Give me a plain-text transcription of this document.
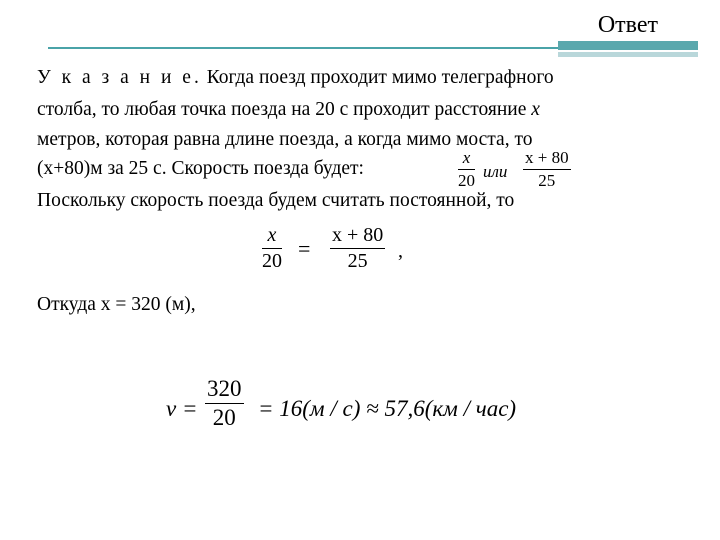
Ответ
У к а з а н и е. Когда поезд проходит мимо телеграфного
столба, то любая точка поезда на 20 с проходит расстояние x
метров, которая равна длине поезда, а когда мимо моста, то
(x+80)м за 25 с. Скорость поезда будет:
x
20 или
x + 80
25
Поскольку скорость поезда будем считать постоянной, то
x
20
=
x + 80
25 ,
Откуда x = 320 (м),
v =
320
20 = 16(м / с) ≈ 57,6(км / час)
